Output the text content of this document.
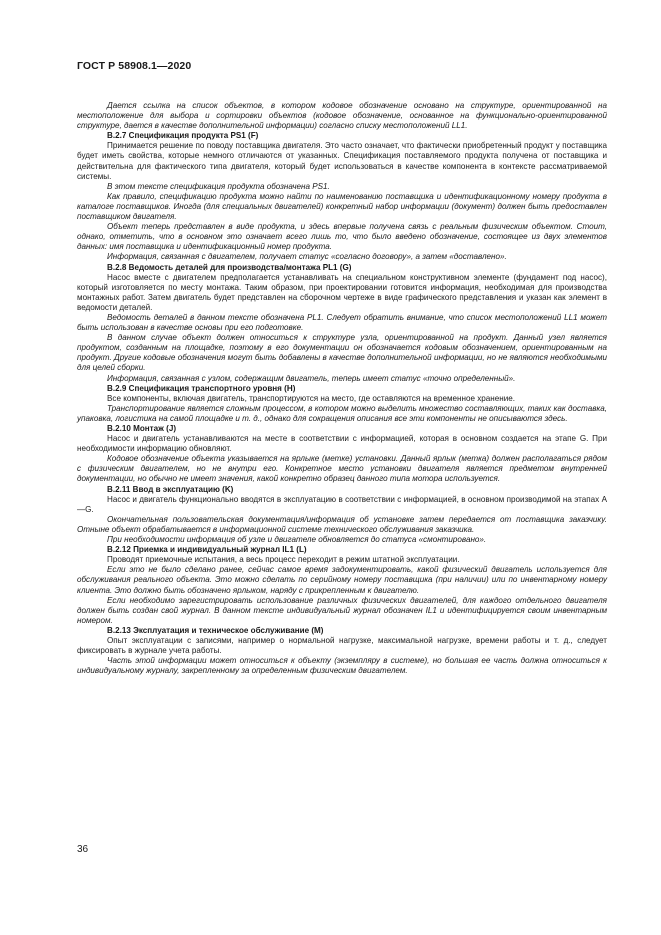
ГОСТ Р 58908.1—2020

Дается ссылка на список объектов, в котором кодовое обозначение основано на структуре, ориентированной на местоположение для выбора и сортировки объектов (кодовое обозначение, основанное на функционально-ориентированной структуре, дается в качестве дополнительной информации) согласно списку местоположений LL1.

B.2.7 Спецификация продукта PS1 (F)

Принимается решение по поводу поставщика двигателя. Это часто означает, что фактически приобретенный продукт у поставщика будет иметь свойства, которые немного отличаются от указанных. Спецификация поставляемого продукта получена от поставщика и действительна для фактического типа двигателя, который будет использоваться в качестве компонента в контексте рассматриваемой системы.

В этом тексте спецификация продукта обозначена PS1.

Как правило, спецификацию продукта можно найти по наименованию поставщика и идентификационному номеру продукта в каталоге поставщиков. Иногда (для специальных двигателей) конкретный набор информации (документ) должен быть предоставлен поставщиком двигателя.

Объект теперь представлен в виде продукта, и здесь впервые получена связь с реальным физическим объектом. Стоит, однако, отметить, что в основном это означает всего лишь то, что было введено обозначение, состоящее из двух элементов данных: имя поставщика и идентификационный номер продукта.

Информация, связанная с двигателем, получает статус «согласно договору», а затем «доставлено».

B.2.8 Ведомость деталей для производства/монтажа PL1 (G)

Насос вместе с двигателем предполагается устанавливать на специальном конструктивном элементе (фундамент под насос), который изготовляется по месту монтажа. Таким образом, при проектировании готовится информация, необходимая для производства монтажных работ. Затем двигатель будет представлен на сборочном чертеже в виде графического представления и указан как элемент в ведомости деталей.

Ведомость деталей в данном тексте обозначена PL1. Следует обратить внимание, что список местоположений LL1 может быть использован в качестве основы при его подготовке.

В данном случае объект должен относиться к структуре узла, ориентированной на продукт. Данный узел является продуктом, созданным на площадке, поэтому в его документации он обозначается кодовым обозначением, ориентированным на продукт. Другие кодовые обозначения могут быть добавлены в качестве дополнительной информации, но не являются необходимыми для целей сборки.

Информация, связанная с узлом, содержащим двигатель, теперь имеет статус «точно определенный».

B.2.9 Спецификация транспортного уровня (H)

Все компоненты, включая двигатель, транспортируются на место, где оставляются на временное хранение.

Транспортирование является сложным процессом, в котором можно выделить множество составляющих, таких как доставка, упаковка, логистика на самой площадке и т. д., однако для сокращения описания все эти компоненты не описываются здесь.

B.2.10 Монтаж (J)

Насос и двигатель устанавливаются на месте в соответствии с информацией, которая в основном создается на этапе G. При необходимости информацию обновляют.

Кодовое обозначение объекта указывается на ярлыке (метке) установки. Данный ярлык (метка) должен располагаться рядом с физическим двигателем, но не внутри его. Конкретное место установки двигателя является предметом внутренней документации, но обычно не имеет значения, какой конкретно образец данного типа мотора используется.

B.2.11 Ввод в эксплуатацию (K)

Насос и двигатель функционально вводятся в эксплуатацию в соответствии с информацией, в основном производимой на этапах A—G.

Окончательная пользовательская документация/информация об установке затем передается от поставщика заказчику. Отныне объект обрабатывается в информационной системе технического обслуживания заказчика.

При необходимости информация об узле и двигателе обновляется до статуса «смонтировано».

B.2.12 Приемка и индивидуальный журнал IL1 (L)

Проводят приемочные испытания, а весь процесс переходит в режим штатной эксплуатации.

Если это не было сделано ранее, сейчас самое время задокументировать, какой физический двигатель используется для обслуживания реального объекта. Это можно сделать по серийному номеру поставщика (при наличии) или по инвентарному номеру клиента. Это должно быть обозначено ярлыком, наряду с прикрепленным к двигателю.

Если необходимо зарегистрировать использование различных физических двигателей, для каждого отдельного двигателя должен быть создан свой журнал. В данном тексте индивидуальный журнал обозначен IL1 и идентифицируется своим инвентарным номером.

B.2.13 Эксплуатация и техническое обслуживание (M)

Опыт эксплуатации с записями, например о нормальной нагрузке, максимальной нагрузке, времени работы и т. д., следует фиксировать в журнале учета работы.

Часть этой информации может относиться к объекту (экземпляру в системе), но большая ее часть должна относиться к индивидуальному журналу, закрепленному за определенным физическим двигателем.

36
